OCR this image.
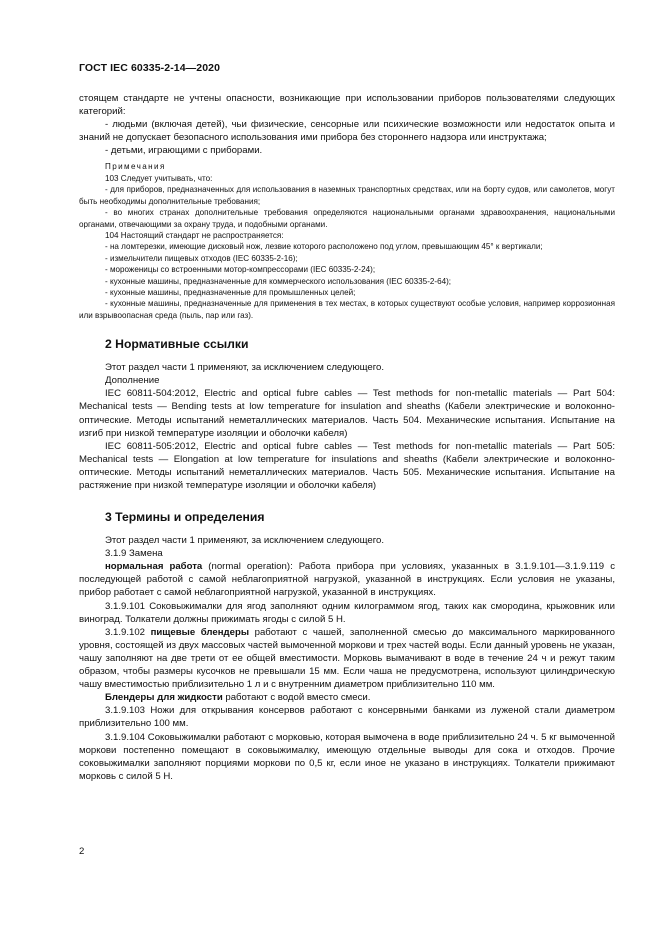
ГОСТ IEC 60335-2-14—2020

стоящем стандарте не учтены опасности, возникающие при использовании приборов пользователями следующих категорий:

- людьми (включая детей), чьи физические, сенсорные или психические возможности или недостаток опыта и знаний не допускает безопасного использования ими прибора без стороннего надзора или инструктажа;

- детьми, играющими с приборами.

Примечания

103 Следует учитывать, что:

- для приборов, предназначенных для использования в наземных транспортных средствах, или на борту судов, или самолетов, могут быть необходимы дополнительные требования;

- во многих странах дополнительные требования определяются национальными органами здравоохранения, национальными органами, отвечающими за охрану труда, и подобными органами.

104 Настоящий стандарт не распространяется:

- на ломтерезки, имеющие дисковый нож, лезвие которого расположено под углом, превышающим 45° к вертикали;

- измельчители пищевых отходов (IEC 60335-2-16);

- мороженицы со встроенными мотор-компрессорами (IEC 60335-2-24);

- кухонные машины, предназначенные для коммерческого использования (IEC 60335-2-64);

- кухонные машины, предназначенные для промышленных целей;

- кухонные машины, предназначенные для применения в тех местах, в которых существуют особые условия, например коррозионная или взрывоопасная среда (пыль, пар или газ).

2 Нормативные ссылки

Этот раздел части 1 применяют, за исключением следующего.

Дополнение

IEC 60811-504:2012, Electric and optical fubre cables — Test methods for non-metallic materials — Part 504: Mechanical tests — Bending tests at low temperature for insulation and sheaths (Кабели электрические и волоконно-оптические. Методы испытаний неметаллических материалов. Часть 504. Механические испытания. Испытание на изгиб при низкой температуре изоляции и оболочки кабеля)

IEC 60811-505:2012, Electric and optical fubre cables — Test methods for non-metallic materials — Part 505: Mechanical tests — Elongation at low temperature for insulations and sheaths (Кабели электрические и волоконно-оптические. Методы испытаний неметаллических материалов. Часть 505. Механические испытания. Испытание на растяжение при низкой температуре изоляции и оболочки кабеля)

3 Термины и определения

Этот раздел части 1 применяют, за исключением следующего.

3.1.9 Замена

нормальная работа (normal operation): Работа прибора при условиях, указанных в 3.1.9.101—3.1.9.119 с последующей работой с самой неблагоприятной нагрузкой, указанной в инструкциях. Если условия не указаны, прибор работает с самой неблагоприятной нагрузкой, указанной в инструкциях.

3.1.9.101 Соковыжималки для ягод заполняют одним килограммом ягод, таких как смородина, крыжовник или виноград. Толкатели должны прижимать ягоды с силой 5 Н.

3.1.9.102 пищевые блендеры работают с чашей, заполненной смесью до максимального маркированного уровня, состоящей из двух массовых частей вымоченной моркови и трех частей воды. Если данный уровень не указан, чашу заполняют на две трети от ее общей вместимости. Морковь вымачивают в воде в течение 24 ч и режут таким образом, чтобы размеры кусочков не превышали 15 мм. Если чаша не предусмотрена, используют цилиндрическую чашу вместимостью приблизительно 1 л и с внутренним диаметром приблизительно 110 мм.

Блендеры для жидкости работают с водой вместо смеси.

3.1.9.103 Ножи для открывания консервов работают с консервными банками из луженой стали диаметром приблизительно 100 мм.

3.1.9.104 Соковыжималки работают с морковью, которая вымочена в воде приблизительно 24 ч. 5 кг вымоченной моркови постепенно помещают в соковыжималку, имеющую отдельные выводы для сока и отходов. Прочие соковыжималки заполняют порциями моркови по 0,5 кг, если иное не указано в инструкциях. Толкатели прижимают морковь с силой 5 Н.

2
